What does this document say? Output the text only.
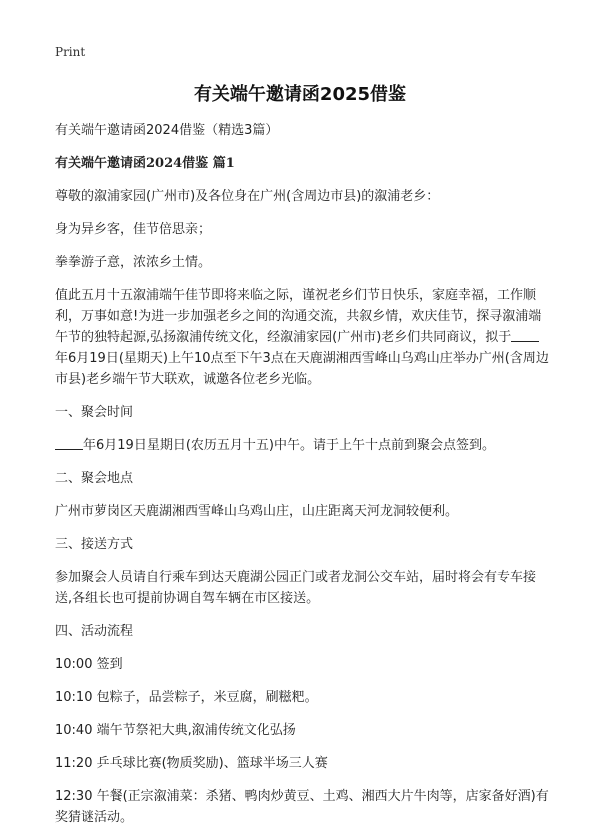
Print
有关端午邀请函2025借鉴

有关端午邀请函2024借鉴（精选3篇）

有关端午邀请函2024借鉴 篇1

尊敬的溆浦家园(广州市)及各位身在广州(含周边市县)的溆浦老乡：

身为异乡客，佳节倍思亲；

拳拳游子意，浓浓乡土情。

值此五月十五溆浦端午佳节即将来临之际，谨祝老乡们节日快乐，家庭幸福，工作顺利，万事如意!为进一步加强老乡之间的沟通交流，共叙乡情，欢庆佳节，探寻溆浦端午节的独特起源,弘扬溆浦传统文化，经溆浦家园(广州市)老乡们共同商议，拟于年6月19日(星期天)上午10点至下午3点在天鹿湖湘西雪峰山乌鸡山庄举办广州(含周边市县)老乡端午节大联欢，诚邀各位老乡光临。

一、聚会时间

年6月19日星期日(农历五月十五)中午。请于上午十点前到聚会点签到。

二、聚会地点

广州市萝岗区天鹿湖湘西雪峰山乌鸡山庄，山庄距离天河龙洞较便利。

三、接送方式

参加聚会人员请自行乘车到达天鹿湖公园正门或者龙洞公交车站，届时将会有专车接送,各组长也可提前协调自驾车辆在市区接送。

四、活动流程

10:00 签到

10:10 包粽子，品尝粽子，米豆腐，刷糍粑。

10:40 端午节祭祀大典,溆浦传统文化弘扬

11:20 乒乓球比赛(物质奖励)、篮球半场三人赛

12:30 午餐(正宗溆浦菜：杀猪、鸭肉炒黄豆、土鸡、湘西大片牛肉等，店家备好酒)有奖猜谜活动。
